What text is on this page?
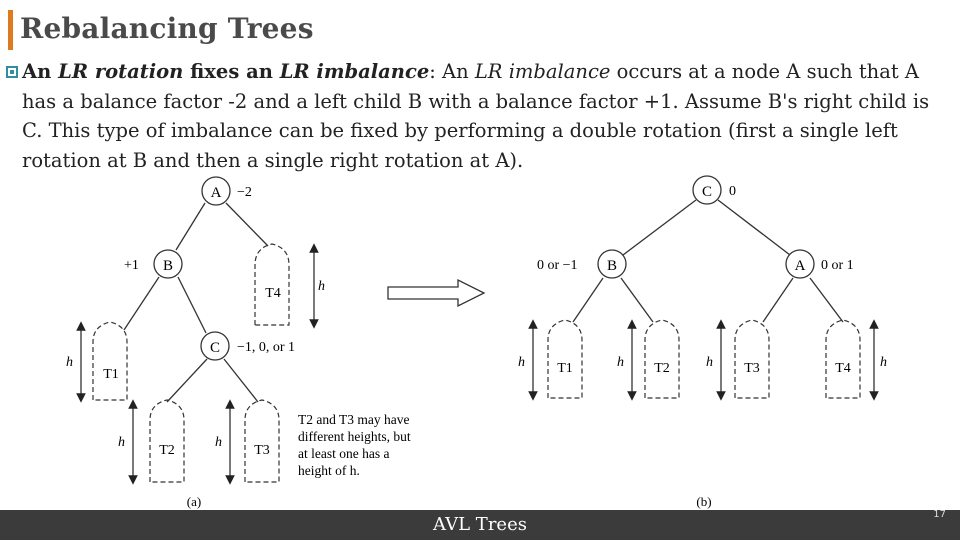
Rebalancing Trees
An LR rotation fixes an LR imbalance: An LR imbalance occurs at a node A such that A has a balance factor -2 and a left child B with a balance factor +1. Assume B's right child is C. This type of imbalance can be fixed by performing a double rotation (first a single left rotation at B and then a single right rotation at A).
A −2
B
+1
C −1, 0, or 1
T4
T1
T2	T3
h
h
h	h
T2 and T3 may have
different heights, but
at least one has a
height of h.
(a)
C 0
B
0 or −1	A 0 or 1
T1	T2	T3	T4
h	h	h	h
(b)
AVL Trees	17
